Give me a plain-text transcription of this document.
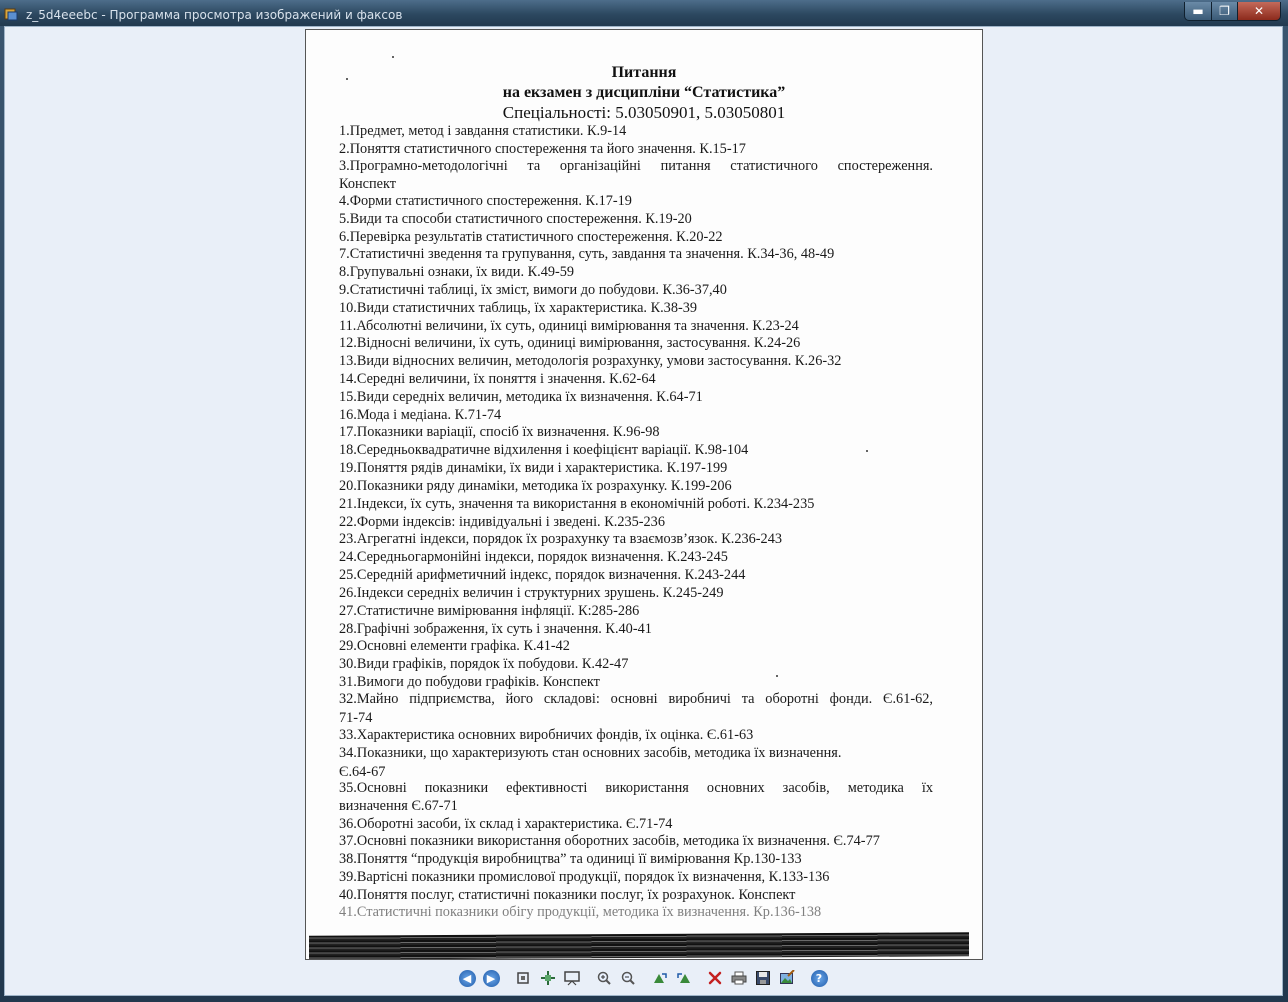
z_5d4eeebc - Программа просмотра изображений и факсов	▬	❐	✕
Питання
на екзамен з дисципліни “Статистика”
Спеціальності: 5.03050901, 5.03050801
1.Предмет, метод і завдання статистики. К.9-14
2.Поняття статистичного спостереження та його значення. К.15-17
3.Програмно-методологічні та організаційні питання статистичного спостереження.
Конспект
4.Форми статистичного спостереження. К.17-19
5.Види та способи статистичного спостереження. К.19-20
6.Перевірка результатів статистичного спостереження. К.20-22
7.Статистичні зведення та групування, суть, завдання та значення. К.34-36, 48-49
8.Групувальні ознаки, їх види. К.49-59
9.Статистичні таблиці, їх зміст, вимоги до побудови. К.36-37,40
10.Види статистичних таблиць, їх характеристика. К.38-39
11.Абсолютні величини, їх суть, одиниці вимірювання та значення. К.23-24
12.Відносні величини, їх суть, одиниці вимірювання, застосування. К.24-26
13.Види відносних величин, методологія розрахунку, умови застосування. К.26-32
14.Середні величини, їх поняття і значення. К.62-64
15.Види середніх величин, методика їх визначення. К.64-71
16.Мода і медіана. К.71-74
17.Показники варіації, спосіб їх визначення. К.96-98
18.Середньоквадратичне відхилення і коефіцієнт варіації. К.98-104
19.Поняття рядів динаміки, їх види і характеристика. К.197-199
20.Показники ряду динаміки, методика їх розрахунку. К.199-206
21.Індекси, їх суть, значення та використання в економічній роботі. К.234-235
22.Форми індексів: індивідуальні і зведені. К.235-236
23.Агрегатні індекси, порядок їх розрахунку та взаємозв’язок. К.236-243
24.Середньогармонійні індекси, порядок визначення. К.243-245
25.Середній арифметичний індекс, порядок визначення. К.243-244
26.Індекси середніх величин і структурних зрушень. К.245-249
27.Статистичне вимірювання інфляції. К:285-286
28.Графічні зображення, їх суть і значення. К.40-41
29.Основні елементи графіка. К.41-42
30.Види графіків, порядок їх побудови. К.42-47
31.Вимоги до побудови графіків. Конспект
32.Майно підприємства, його складові: основні виробничі та оборотні фонди. Є.61-62,
71-74
33.Характеристика основних виробничих фондів, їх оцінка. Є.61-63
34.Показники, що характеризують стан основних засобів, методика їх визначення.
Є.64-67
35.Основні показники ефективності використання основних засобів, методика їх
визначення Є.67-71
36.Оборотні засоби, їх склад і характеристика. Є.71-74
37.Основні показники використання оборотних засобів, методика їх визначення. Є.74-77
38.Поняття “продукція виробництва” та одиниці її вимірювання Кр.130-133
39.Вартісні показники промислової продукції, порядок їх визначення, К.133-136
40.Поняття послуг, статистичні показники послуг, їх розрахунок. Конспект
41.Статистичні показники обігу продукції, методика їх визначення. Кр.136-138
◀	▶	?
